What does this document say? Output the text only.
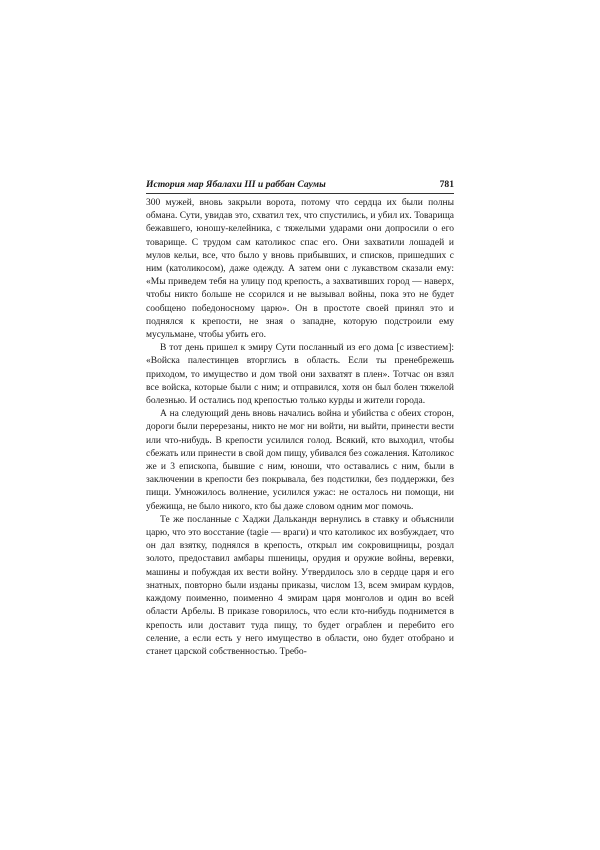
История мар Ябалахи III и раббан Саумы	781

300 мужей, вновь закрыли ворота, потому что сердца их были полны обмана. Сути, увидав это, схватил тех, что спустились, и убил их. Товарища бежавшего, юношу-келейника, с тяжелыми ударами они допросили о его товарище. С трудом сам католикос спас его. Они захватили лошадей и мулов кельи, все, что было у вновь прибывших, и списков, пришедших с ним (католикосом), даже одежду. А затем они с лукавством сказали ему: «Мы приведем тебя на улицу под крепость, а захвативших город — наверх, чтобы никто больше не ссорился и не вызывал войны, пока это не будет сообщено победоносному царю». Он в простоте своей принял это и поднялся к крепости, не зная о западне, которую подстроили ему мусульмане, чтобы убить его.

В тот день пришел к эмиру Сути посланный из его дома [с известием]: «Войска палестинцев вторглись в область. Если ты пренебрежешь приходом, то имущество и дом твой они захватят в плен». Тотчас он взял все войска, которые были с ним; и отправился, хотя он был болен тяжелой болезнью. И остались под крепостью только курды и жители города.

А на следующий день вновь начались война и убийства с обеих сторон, дороги были перерезаны, никто не мог ни войти, ни выйти, принести вести или что-нибудь. В крепости усилился голод. Всякий, кто выходил, чтобы сбежать или принести в свой дом пищу, убивался без сожаления. Католикос же и 3 епископа, бывшие с ним, юноши, что оставались с ним, были в заключении в крепости без покрывала, без подстилки, без поддержки, без пищи. Умножилось волнение, усилился ужас: не осталось ни помощи, ни убежища, не было никого, кто бы даже словом одним мог помочь.

Те же посланные с Хаджи Далькандн вернулись в ставку и объяснили царю, что это восстание (tagie — враги) и что католикос их возбуждает, что он дал взятку, поднялся в крепость, открыл им сокровищницы, роздал золото, предоставил амбары пшеницы, орудия и оружие войны, веревки, машины и побуждая их вести войну. Утвердилось зло в сердце царя и его знатных, повторно были изданы приказы, числом 13, всем эмирам курдов, каждому поименно, поименно 4 эмирам царя монголов и один во всей области Арбелы. В приказе говорилось, что если кто-нибудь поднимется в крепость или доставит туда пищу, то будет ограблен и перебито его селение, а если есть у него имущество в области, оно будет отобрано и станет царской собственностью. Требо-
